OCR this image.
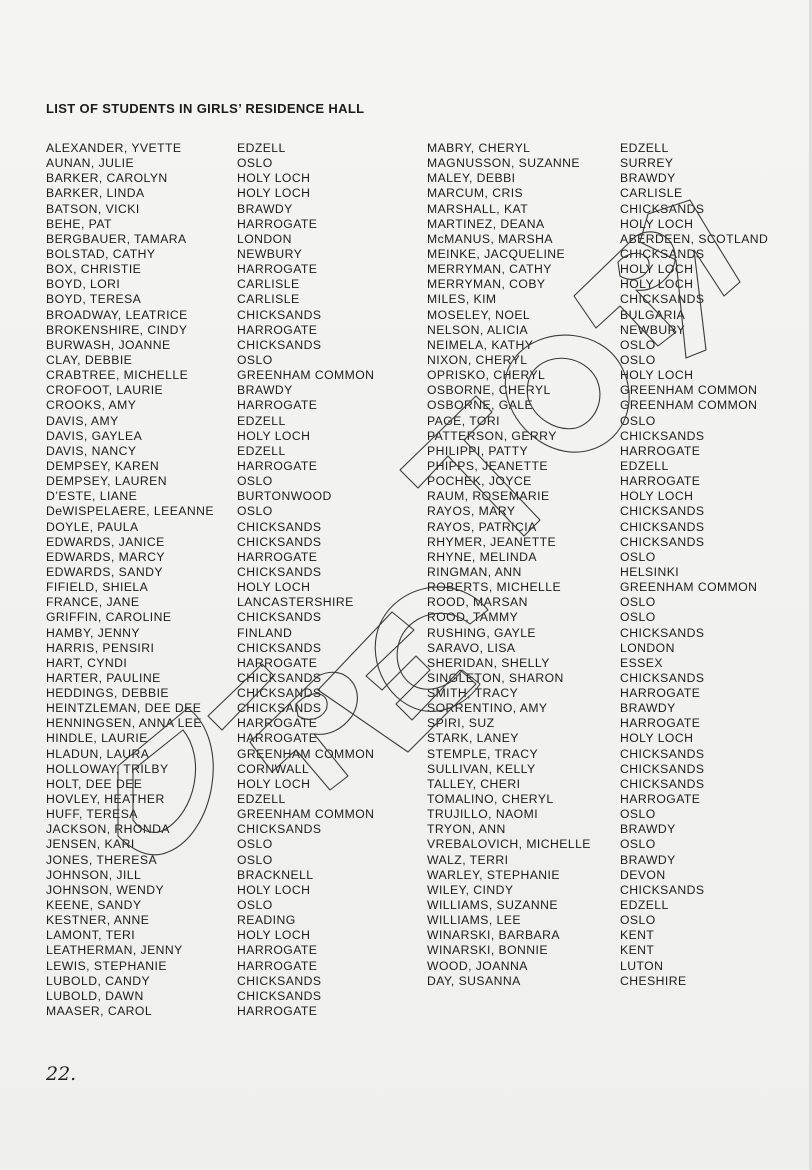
LIST OF STUDENTS IN GIRLS’ RESIDENCE HALL
ALEXANDER, YVETTE
AUNAN, JULIE
BARKER, CAROLYN
BARKER, LINDA
BATSON, VICKI
BEHE, PAT
BERGBAUER, TAMARA
BOLSTAD, CATHY
BOX, CHRISTIE
BOYD, LORI
BOYD, TERESA
BROADWAY, LEATRICE
BROKENSHIRE, CINDY
BURWASH, JOANNE
CLAY, DEBBIE
CRABTREE, MICHELLE
CROFOOT, LAURIE
CROOKS, AMY
DAVIS, AMY
DAVIS, GAYLEA
DAVIS, NANCY
DEMPSEY, KAREN
DEMPSEY, LAUREN
D’ESTE, LIANE
DeWISPELAERE, LEEANNE
DOYLE, PAULA
EDWARDS, JANICE
EDWARDS, MARCY
EDWARDS, SANDY
FIFIELD, SHIELA
FRANCE, JANE
GRIFFIN, CAROLINE
HAMBY, JENNY
HARRIS, PENSIRI
HART, CYNDI
HARTER, PAULINE
HEDDINGS, DEBBIE
HEINTZLEMAN, DEE DEE
HENNINGSEN, ANNA LEE
HINDLE, LAURIE
HLADUN, LAURA
HOLLOWAY, TRILBY
HOLT, DEE DEE
HOVLEY, HEATHER
HUFF, TERESA
JACKSON, RHONDA
JENSEN, KARI
JONES, THERESA
JOHNSON, JILL
JOHNSON, WENDY
KEENE, SANDY
KESTNER, ANNE
LAMONT, TERI
LEATHERMAN, JENNY
LEWIS, STEPHANIE
LUBOLD, CANDY
LUBOLD, DAWN
MAASER, CAROL
EDZELL
OSLO
HOLY LOCH
HOLY LOCH
BRAWDY
HARROGATE
LONDON
NEWBURY
HARROGATE
CARLISLE
CARLISLE
CHICKSANDS
HARROGATE
CHICKSANDS
OSLO
GREENHAM COMMON
BRAWDY
HARROGATE
EDZELL
HOLY LOCH
EDZELL
HARROGATE
OSLO
BURTONWOOD
OSLO
CHICKSANDS
CHICKSANDS
HARROGATE
CHICKSANDS
HOLY LOCH
LANCASTERSHIRE
CHICKSANDS
FINLAND
CHICKSANDS
HARROGATE
CHICKSANDS
CHICKSANDS
CHICKSANDS
HARROGATE
HARROGATE
GREENHAM COMMON
CORNWALL
HOLY LOCH
EDZELL
GREENHAM COMMON
CHICKSANDS
OSLO
OSLO
BRACKNELL
HOLY LOCH
OSLO
READING
HOLY LOCH
HARROGATE
HARROGATE
CHICKSANDS
CHICKSANDS
HARROGATE
MABRY, CHERYL
MAGNUSSON, SUZANNE
MALEY, DEBBI
MARCUM, CRIS
MARSHALL, KAT
MARTINEZ, DEANA
McMANUS, MARSHA
MEINKE, JACQUELINE
MERRYMAN, CATHY
MERRYMAN, COBY
MILES, KIM
MOSELEY, NOEL
NELSON, ALICIA
NEIMELA, KATHY
NIXON, CHERYL
OPRISKO, CHERYL
OSBORNE, CHERYL
OSBORNE, GALE
PAGE, TORI
PATTERSON, GERRY
PHILIPPI, PATTY
PHIPPS, JEANETTE
POCHEK, JOYCE
RAUM, ROSEMARIE
RAYOS, MARY
RAYOS, PATRICIA
RHYMER, JEANETTE
RHYNE, MELINDA
RINGMAN, ANN
ROBERTS, MICHELLE
ROOD, MARSAN
ROOD, TAMMY
RUSHING, GAYLE
SARAVO, LISA
SHERIDAN, SHELLY
SINGLETON, SHARON
SMITH, TRACY
SORRENTINO, AMY
SPIRI, SUZ
STARK, LANEY
STEMPLE, TRACY
SULLIVAN, KELLY
TALLEY, CHERI
TOMALINO, CHERYL
TRUJILLO, NAOMI
TRYON, ANN
VREBALOVICH, MICHELLE
WALZ, TERRI
WARLEY, STEPHANIE
WILEY, CINDY
WILLIAMS, SUZANNE
WILLIAMS, LEE
WINARSKI, BARBARA
WINARSKI, BONNIE
WOOD, JOANNA
DAY, SUSANNA
EDZELL
SURREY
BRAWDY
CARLISLE
CHICKSANDS
HOLY LOCH
ABERDEEN, SCOTLAND
CHICKSANDS
HOLY LOCH
HOLY LOCH
CHICKSANDS
BULGARIA
NEWBURY
OSLO
OSLO
HOLY LOCH
GREENHAM COMMON
GREENHAM COMMON
OSLO
CHICKSANDS
HARROGATE
EDZELL
HARROGATE
HOLY LOCH
CHICKSANDS
CHICKSANDS
CHICKSANDS
OSLO
HELSINKI
GREENHAM COMMON
OSLO
OSLO
CHICKSANDS
LONDON
ESSEX
CHICKSANDS
HARROGATE
BRAWDY
HARROGATE
HOLY LOCH
CHICKSANDS
CHICKSANDS
CHICKSANDS
HARROGATE
OSLO
BRAWDY
OSLO
BRAWDY
DEVON
CHICKSANDS
EDZELL
OSLO
KENT
KENT
LUTON
CHESHIRE
22.
